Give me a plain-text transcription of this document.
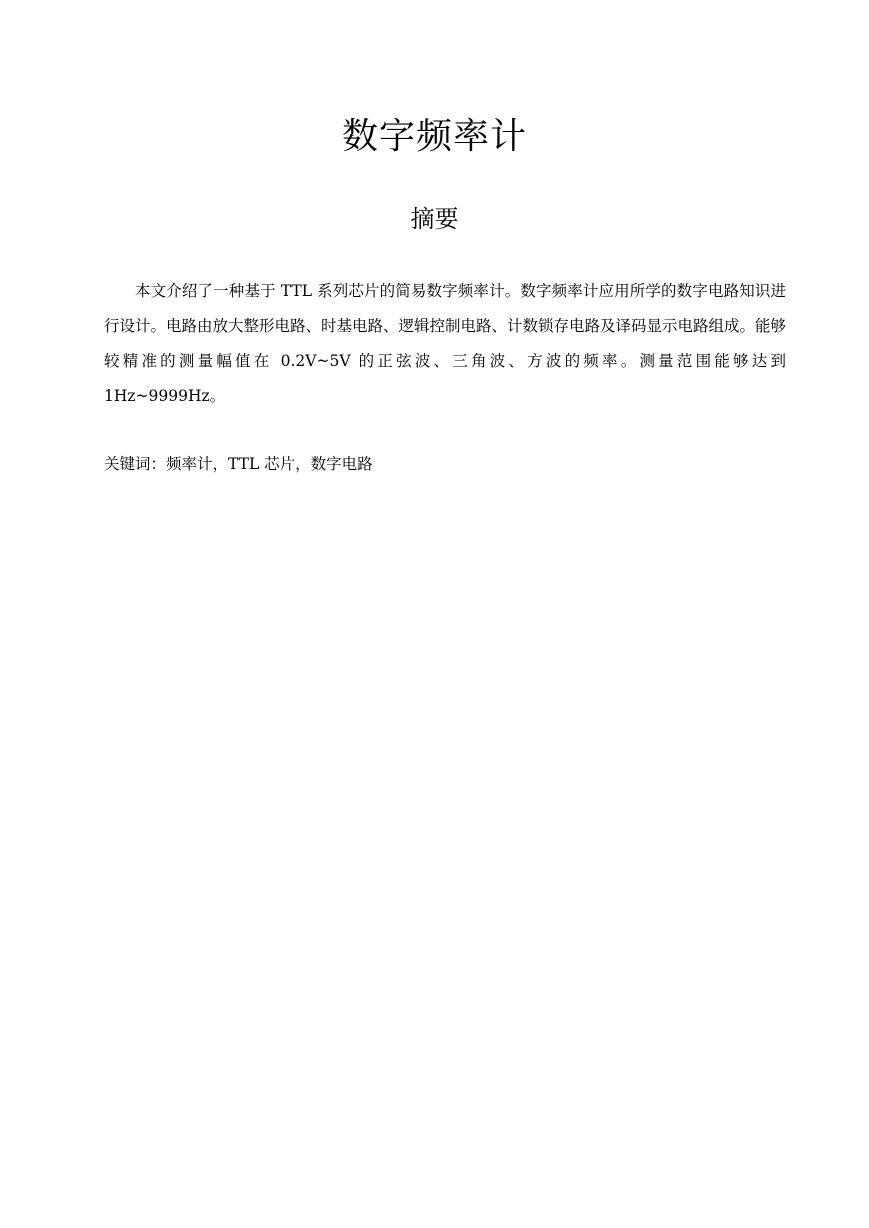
数字频率计
摘要

本文介绍了一种基于 TTL 系列芯片的简易数字频率计。数字频率计应用所学的数字电路知识进行设计。电路由放大整形电路、时基电路、逻辑控制电路、计数锁存电路及译码显示电路组成。能够较精准的测量幅值在 0.2V~5V 的正弦波、三角波、方波的频率。测量范围能够达到 1Hz~9999Hz。

关键词：频率计，TTL 芯片，数字电路
